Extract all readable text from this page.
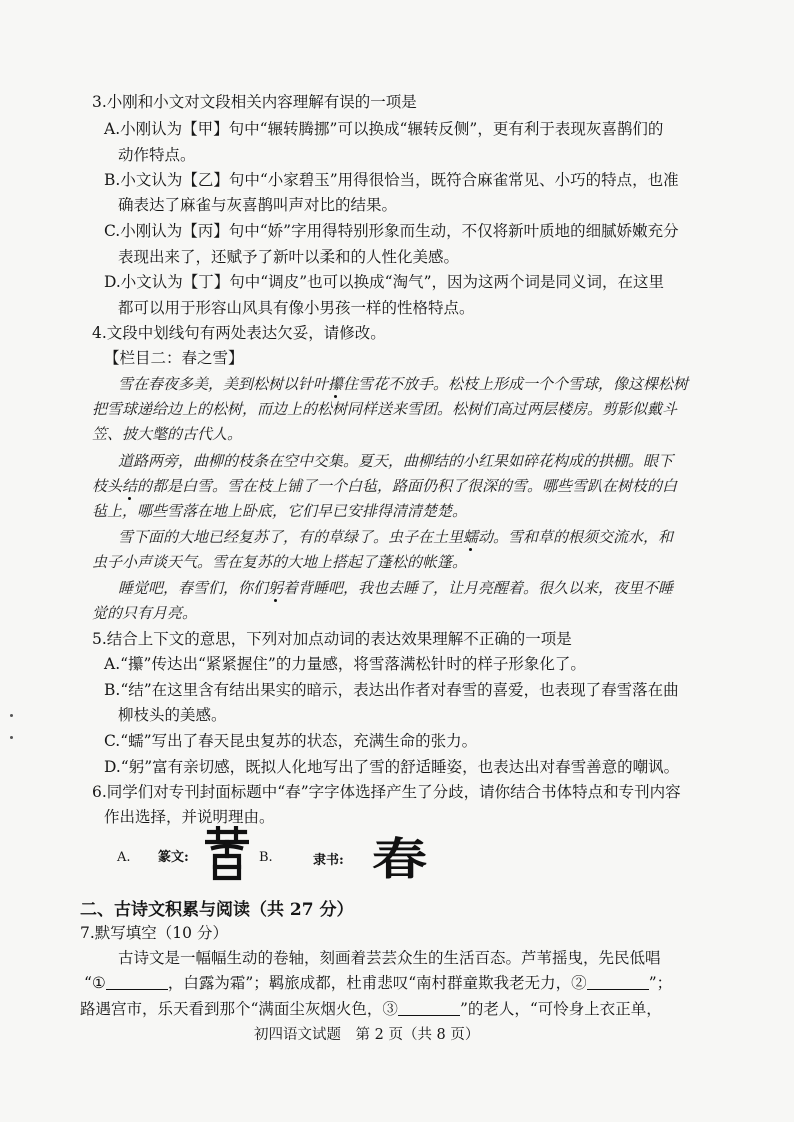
3.小刚和小文对文段相关内容理解有误的一项是
A.小刚认为【甲】句中“辗转腾挪”可以换成“辗转反侧”，更有利于表现灰喜鹊们的
动作特点。
B.小文认为【乙】句中“小家碧玉”用得很恰当，既符合麻雀常见、小巧的特点，也准
确表达了麻雀与灰喜鹊叫声对比的结果。
C.小刚认为【丙】句中“娇”字用得特别形象而生动，不仅将新叶质地的细腻娇嫩充分
表现出来了，还赋予了新叶以柔和的人性化美感。
D.小文认为【丁】句中“调皮”也可以换成“淘气”，因为这两个词是同义词，在这里
都可以用于形容山风具有像小男孩一样的性格特点。
4.文段中划线句有两处表达欠妥，请修改。
【栏目二：春之雪】
雪在春夜多美，美到松树以针叶攥住雪花不放手。松枝上形成一个个雪球，像这棵松树
把雪球递给边上的松树，而边上的松树同样送来雪团。松树们高过两层楼房。剪影似戴斗
笠、披大氅的古代人。
道路两旁，曲柳的枝条在空中交集。夏天，曲柳结的小红果如碎花构成的拱棚。眼下
枝头结的都是白雪。雪在枝上铺了一个白毡，路面仍积了很深的雪。哪些雪趴在树枝的白
毡上，哪些雪落在地上卧底，它们早已安排得清清楚楚。
雪下面的大地已经复苏了，有的草绿了。虫子在土里蠕动。雪和草的根须交流水，和
虫子小声谈天气。雪在复苏的大地上搭起了蓬松的帐篷。
睡觉吧，春雪们，你们躬着背睡吧，我也去睡了，让月亮醒着。很久以来，夜里不睡
觉的只有月亮。
5.结合上下文的意思，下列对加点动词的表达效果理解不正确的一项是
A.“攥”传达出“紧紧握住”的力量感，将雪落满松针时的样子形象化了。
B.“结”在这里含有结出果实的暗示，表达出作者对春雪的喜爱，也表现了春雪落在曲
柳枝头的美感。
C.“蠕”写出了春天昆虫复苏的状态，充满生命的张力。
D.“躬”富有亲切感，既拟人化地写出了雪的舒适睡姿，也表达出对春雪善意的嘲讽。
6.同学们对专刊封面标题中“春”字字体选择产生了分歧，请你结合书体特点和专刊内容
作出选择，并说明理由。
A. 篆文:	B.	隶书: 春
二、古诗文积累与阅读（共 27 分）
7.默写填空（10 分）
古诗文是一幅幅生动的卷轴，刻画着芸芸众生的生活百态。芦苇摇曳，先民低唱
“①	，白露为霜”；羁旅成都，杜甫悲叹“南村群童欺我老无力，②	”；
路遇宫市，乐天看到那个“满面尘灰烟火色，③	”的老人，“可怜身上衣正单，
初四语文试题　第 2 页（共 8 页）
